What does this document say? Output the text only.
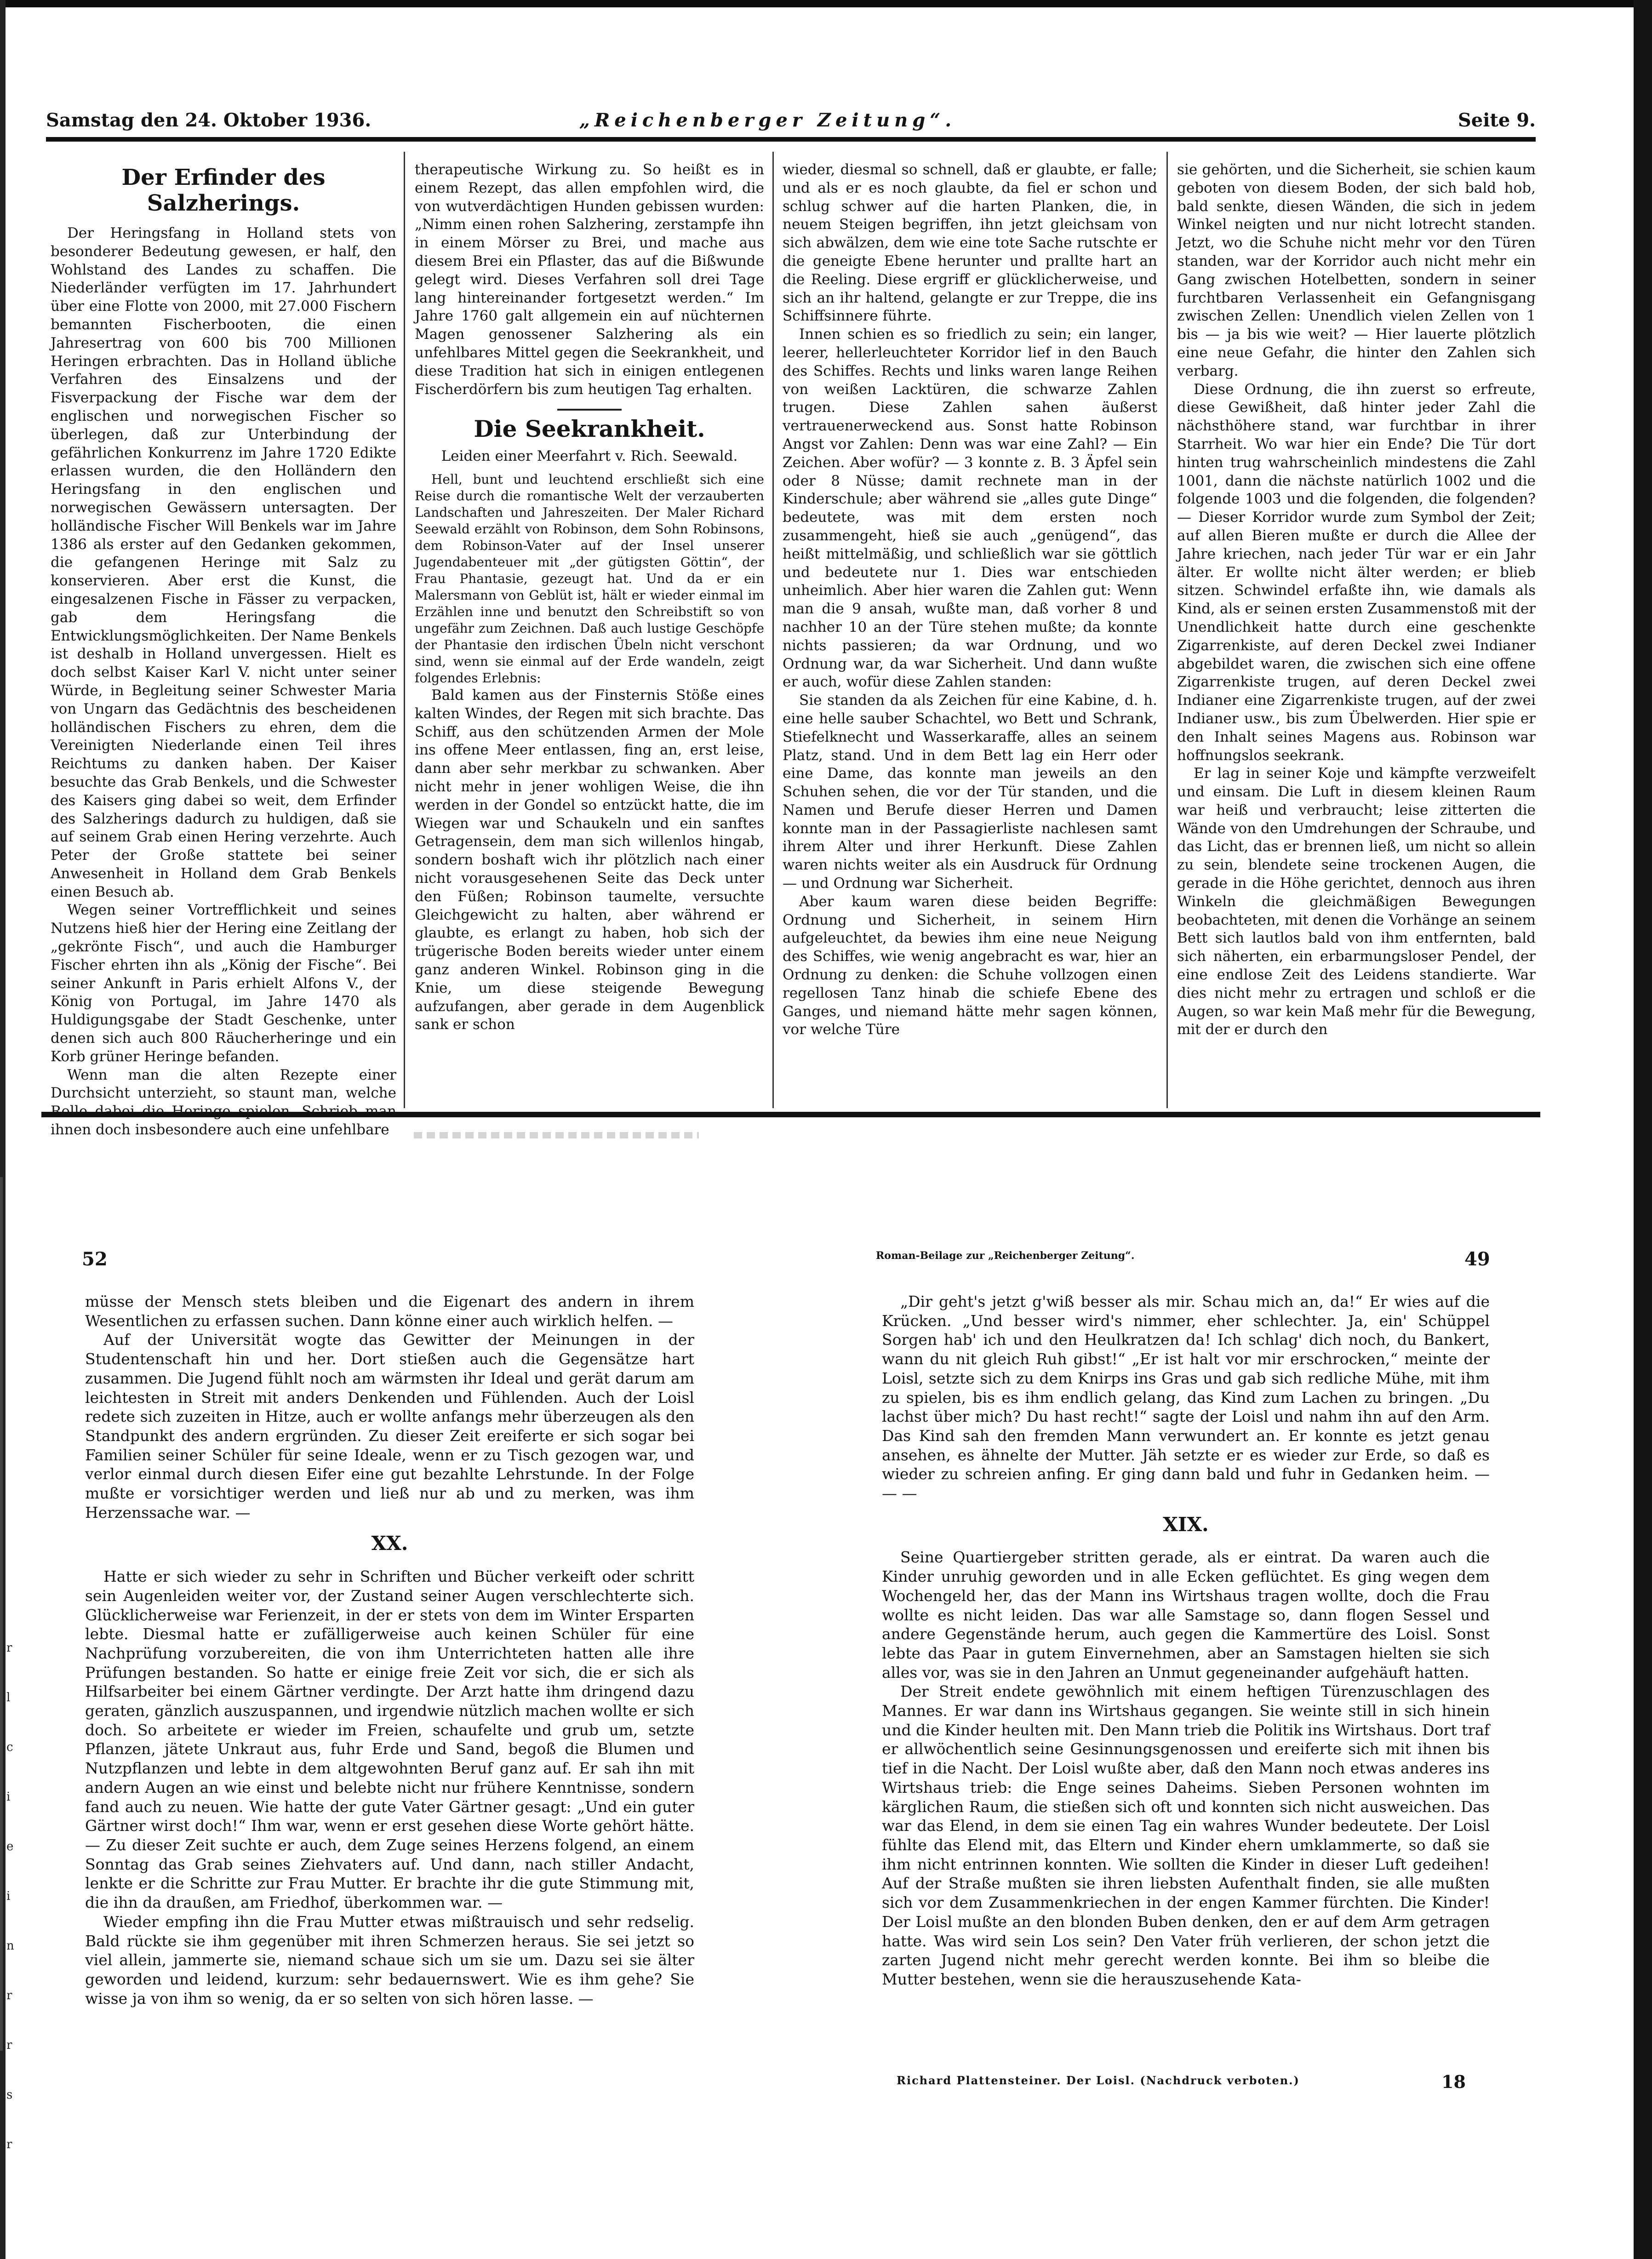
Samstag den 24. Oktober 1936.	„Reichenberger Zeitung“.	Seite 9.
Der Erfinder des Salzherings.

Der Heringsfang in Holland stets von besonderer Bedeutung gewesen, er half, den Wohlstand des Landes zu schaffen. Die Niederländer verfügten im 17. Jahrhundert über eine Flotte von 2000, mit 27.000 Fischern bemannten Fischerbooten, die einen Jahresertrag von 600 bis 700 Millionen Heringen erbrachten. Das in Holland übliche Verfahren des Einsalzens und der Fisverpackung der Fische war dem der englischen und norwegischen Fischer so überlegen, daß zur Unterbindung der gefährlichen Konkurrenz im Jahre 1720 Edikte erlassen wurden, die den Holländern den Heringsfang in den englischen und norwegischen Gewässern untersagten. Der holländische Fischer Will Benkels war im Jahre 1386 als erster auf den Gedanken gekommen, die gefangenen Heringe mit Salz zu konservieren. Aber erst die Kunst, die eingesalzenen Fische in Fässer zu verpacken, gab dem Heringsfang die Entwicklungsmöglichkeiten. Der Name Benkels ist deshalb in Holland unvergessen. Hielt es doch selbst Kaiser Karl V. nicht unter seiner Würde, in Begleitung seiner Schwester Maria von Ungarn das Gedächtnis des bescheidenen holländischen Fischers zu ehren, dem die Vereinigten Niederlande einen Teil ihres Reichtums zu danken haben. Der Kaiser besuchte das Grab Benkels, und die Schwester des Kaisers ging dabei so weit, dem Erfinder des Salzherings dadurch zu huldigen, daß sie auf seinem Grab einen Hering verzehrte. Auch Peter der Große stattete bei seiner Anwesenheit in Holland dem Grab Benkels einen Besuch ab.

Wegen seiner Vortrefflichkeit und seines Nutzens hieß hier der Hering eine Zeitlang der „gekrönte Fisch“, und auch die Hamburger Fischer ehrten ihn als „König der Fische“. Bei seiner Ankunft in Paris erhielt Alfons V., der König von Portugal, im Jahre 1470 als Huldigungsgabe der Stadt Geschenke, unter denen sich auch 800 Räucherheringe und ein Korb grüner Heringe befanden.

Wenn man die alten Rezepte einer Durchsicht unterzieht, so staunt man, welche ihnen doch insbesondere auch eine unfehlbare

therapeutische Wirkung zu. So heißt es in einem Rezept, das allen empfohlen wird, die von wutverdächtigen Hunden gebissen wurden: „Nimm einen rohen Salzhering, zerstampfe ihn in einem Mörser zu Brei, und mache aus diesem Brei ein Pflaster, das auf die Bißwunde gelegt wird. Dieses Verfahren soll drei Tage lang hintereinander fortgesetzt werden.“ Im Jahre 1760 galt allgemein ein auf nüchternen Magen genossener Salzhering als ein unfehlbares Mittel gegen die Seekrankheit, und diese Tradition hat sich in einigen entlegenen Fischerdörfern bis zum heutigen Tag erhalten.

Die Seekrankheit.
Leiden einer Meerfahrt v. Rich. Seewald.

Hell, bunt und leuchtend erschließt sich eine Reise durch die romantische Welt der verzauberten Landschaften und Jahreszeiten. Der Maler Richard Seewald erzählt von Robinson, dem Sohn Robinsons, dem Robinson-Vater auf der Insel unserer Jugendabenteuer mit „der gütigsten Göttin“, der Frau Phantasie, gezeugt hat. Und da er ein Malersmann von Geblüt ist, hält er wieder einmal im Erzählen inne und benutzt den Schreibstift so von ungefähr zum Zeichnen. Daß auch lustige Geschöpfe der Phantasie den irdischen Übeln nicht verschont sind, wenn sie einmal auf der Erde wandeln, zeigt folgendes Erlebnis:

Bald kamen aus der Finsternis Stöße eines kalten Windes, der Regen mit sich brachte. Das Schiff, aus den schützenden Armen der Mole ins offene Meer entlassen, fing an, erst leise, dann aber sehr merkbar zu schwanken. Aber nicht mehr in jener wohligen Weise, die ihn werden in der Gondel so entzückt hatte, die im Wiegen war und Schaukeln und ein sanftes Getragensein, dem man sich willenlos hingab, sondern boshaft wich ihr plötzlich nach einer nicht vorausgesehenen Seite das Deck unter den Füßen; Robinson taumelte, versuchte Gleichgewicht zu halten, aber während er glaubte, es erlangt zu haben, hob sich der trügerische Boden bereits wieder unter einem ganz anderen Winkel. Robinson ging in die Knie, um diese steigende Bewegung aufzufangen, aber gerade in dem Augenblick sank er schon

wieder, diesmal so schnell, daß er glaubte, er falle; und als er es noch glaubte, da fiel er schon und schlug schwer auf die harten Planken, die, in neuem Steigen begriffen, ihn jetzt gleichsam von sich abwälzen, dem wie eine tote Sache rutschte er die geneigte Ebene herunter und prallte hart an die Reeling. Diese ergriff er glücklicherweise, und sich an ihr haltend, gelangte er zur Treppe, die ins Schiffsinnere führte.

Innen schien es so friedlich zu sein; ein langer, leerer, hellerleuchteter Korridor lief in den Bauch des Schiffes. Rechts und links waren lange Reihen von weißen Lacktüren, die schwarze Zahlen trugen. Diese Zahlen sahen äußerst vertrauenerweckend aus. Sonst hatte Robinson Angst vor Zahlen: Denn was war eine Zahl? — Ein Zeichen. Aber wofür? — 3 konnte z. B. 3 Äpfel sein oder 8 Nüsse; damit rechnete man in der Kinderschule; aber während sie „alles gute Dinge“ bedeutete, was mit dem ersten noch zusammengeht, hieß sie auch „genügend“, das heißt mittelmäßig, und schließlich war sie göttlich und bedeutete nur 1. Dies war entschieden unheimlich. Aber hier waren die Zahlen gut: Wenn man die 9 ansah, wußte man, daß vorher 8 und nachher 10 an der Türe stehen mußte; da konnte nichts passieren; da war Ordnung, und wo Ordnung war, da war Sicherheit. Und dann wußte er auch, wofür diese Zahlen standen:

Sie standen da als Zeichen für eine Kabine, d. h. eine helle sauber Schachtel, wo Bett und Schrank, Stiefelknecht und Wasserkaraffe, alles an seinem Platz, stand. Und in dem Bett lag ein Herr oder eine Dame, das konnte man jeweils an den Schuhen sehen, die vor der Tür standen, und die Namen und Berufe dieser Herren und Damen konnte man in der Passagierliste nachlesen samt ihrem Alter und ihrer Herkunft. Diese Zahlen waren nichts weiter als ein Ausdruck für Ordnung — und Ordnung war Sicherheit.

Aber kaum waren diese beiden Begriffe: Ordnung und Sicherheit, in seinem Hirn aufgeleuchtet, da bewies ihm eine neue Neigung des Schiffes, wie wenig angebracht es war, hier an Ordnung zu denken: die Schuhe vollzogen einen regellosen Tanz hinab die schiefe Ebene des Ganges, und niemand hätte mehr sagen können, vor welche Türe

sie gehörten, und die Sicherheit, sie schien kaum geboten von diesem Boden, der sich bald hob, bald senkte, diesen Wänden, die sich in jedem Winkel neigten und nur nicht lotrecht standen. Jetzt, wo die Schuhe nicht mehr vor den Türen standen, war der Korridor auch nicht mehr ein Gang zwischen Hotelbetten, sondern in seiner furchtbaren Verlassenheit ein Gefangnisgang zwischen Zellen: Unendlich vielen Zellen von 1 bis — ja bis wie weit? — Hier lauerte plötzlich eine neue Gefahr, die hinter den Zahlen sich verbarg.

Diese Ordnung, die ihn zuerst so erfreute, diese Gewißheit, daß hinter jeder Zahl die nächsthöhere stand, war furchtbar in ihrer Starrheit. Wo war hier ein Ende? Die Tür dort hinten trug wahrscheinlich mindestens die Zahl 1001, dann die nächste natürlich 1002 und die folgende 1003 und die folgenden, die folgenden? — Dieser Korridor wurde zum Symbol der Zeit; auf allen Bieren mußte er durch die Allee der Jahre kriechen, nach jeder Tür war er ein Jahr älter. Er wollte nicht älter werden; er blieb sitzen. Schwindel erfaßte ihn, wie damals als Kind, als er seinen ersten Zusammenstoß mit der Unendlichkeit hatte durch eine geschenkte Zigarrenkiste, auf deren Deckel zwei Indianer abgebildet waren, die zwischen sich eine offene Zigarrenkiste trugen, auf deren Deckel zwei Indianer eine Zigarrenkiste trugen, auf der zwei Indianer usw., bis zum Übelwerden. Hier spie er den Inhalt seines Magens aus. Robinson war hoffnungslos seekrank.

Er lag in seiner Koje und kämpfte verzweifelt und einsam. Die Luft in diesem kleinen Raum war heiß und verbraucht; leise zitterten die Wände von den Umdrehungen der Schraube, und das Licht, das er brennen ließ, um nicht so allein zu sein, blendete seine trockenen Augen, die gerade in die Höhe gerichtet, dennoch aus ihren Winkeln die gleichmäßigen Bewegungen beobachteten, mit denen die Vorhänge an seinem Bett sich lautlos bald von ihm entfernten, bald sich näherten, ein erbarmungsloser Pendel, der eine endlose Zeit des Leidens standierte. War dies nicht mehr zu ertragen und schloß er die Augen, so war kein Maß mehr für die Bewegung, mit der er durch den

52	Roman-Beilage zur „Reichenberger Zeitung“.	49
r
l
c
i
e
i
n
r
r
s
r

müsse der Mensch stets bleiben und die Eigenart des andern in ihrem Wesentlichen zu erfassen suchen. Dann könne einer auch wirklich helfen. —

Auf der Universität wogte das Gewitter der Meinungen in der Studentenschaft hin und her. Dort stießen auch die Gegensätze hart zusammen. Die Jugend fühlt noch am wärmsten ihr Ideal und gerät darum am leichtesten in Streit mit anders Denkenden und Fühlenden. Auch der Loisl redete sich zuzeiten in Hitze, auch er wollte anfangs mehr überzeugen als den Standpunkt des andern ergründen. Zu dieser Zeit ereiferte er sich sogar bei Familien seiner Schüler für seine Ideale, wenn er zu Tisch gezogen war, und verlor einmal durch diesen Eifer eine gut bezahlte Lehrstunde. In der Folge mußte er vorsichtiger werden und ließ nur ab und zu merken, was ihm Herzenssache war. —

XX.

Hatte er sich wieder zu sehr in Schriften und Bücher verkeift oder schritt sein Augenleiden weiter vor, der Zustand seiner Augen verschlechterte sich. Glücklicherweise war Ferienzeit, in der er stets von dem im Winter Ersparten lebte. Diesmal hatte er zufälligerweise auch keinen Schüler für eine Nachprüfung vorzubereiten, die von ihm Unterrichteten hatten alle ihre Prüfungen bestanden. So hatte er einige freie Zeit vor sich, die er sich als Hilfsarbeiter bei einem Gärtner verdingte. Der Arzt hatte ihm dringend dazu geraten, gänzlich auszuspannen, und irgendwie nützlich machen wollte er sich doch. So arbeitete er wieder im Freien, schaufelte und grub um, setzte Pflanzen, jätete Unkraut aus, fuhr Erde und Sand, begoß die Blumen und Nutzpflanzen und lebte in dem altgewohnten Beruf ganz auf. Er sah ihn mit andern Augen an wie einst und belebte nicht nur frühere Kenntnisse, sondern fand auch zu neuen. Wie hatte der gute Vater Gärtner gesagt: „Und ein guter Gärtner wirst doch!“ Ihm war, wenn er erst gesehen diese Worte gehört hätte. — Zu dieser Zeit suchte er auch, dem Zuge seines Herzens folgend, an einem Sonntag das Grab seines Ziehvaters auf. Und dann, nach stiller Andacht, lenkte er die Schritte zur Frau Mutter. Er brachte ihr die gute Stimmung mit, die ihn da draußen, am Friedhof, überkommen war. —

Wieder empfing ihn die Frau Mutter etwas mißtrauisch und sehr redselig. Bald rückte sie ihm gegenüber mit ihren Schmerzen heraus. Sie sei jetzt so viel allein, jammerte sie, niemand schaue sich um sie um. Dazu sei sie älter geworden und leidend, kurzum: sehr bedauernswert. Wie es ihm gehe? Sie wisse ja von ihm so wenig, da er so selten von sich hören lasse. —

„Dir geht's jetzt g'wiß besser als mir. Schau mich an, da!“ Er wies auf die Krücken. „Und besser wird's nimmer, eher schlechter. Ja, ein' Schüppel Sorgen hab' ich und den Heulkratzen da! Ich schlag' dich noch, du Bankert, wann du nit gleich Ruh gibst!“ „Er ist halt vor mir erschrocken,“ meinte der Loisl, setzte sich zu dem Knirps ins Gras und gab sich redliche Mühe, mit ihm zu spielen, bis es ihm endlich gelang, das Kind zum Lachen zu bringen. „Du lachst über mich? Du hast recht!“ sagte der Loisl und nahm ihn auf den Arm. Das Kind sah den fremden Mann verwundert an. Er konnte es jetzt genau ansehen, es ähnelte der Mutter. Jäh setzte er es wieder zur Erde, so daß es wieder zu schreien anfing. Er ging dann bald und fuhr in Gedanken heim. — — —

XIX.

Seine Quartiergeber stritten gerade, als er eintrat. Da waren auch die Kinder unruhig geworden und in alle Ecken geflüchtet. Es ging wegen dem Wochengeld her, das der Mann ins Wirtshaus tragen wollte, doch die Frau wollte es nicht leiden. Das war alle Samstage so, dann flogen Sessel und andere Gegenstände herum, auch gegen die Kammertüre des Loisl. Sonst lebte das Paar in gutem Einvernehmen, aber an Samstagen hielten sie sich alles vor, was sie in den Jahren an Unmut gegeneinander aufgehäuft hatten.

Der Streit endete gewöhnlich mit einem heftigen Türenzuschlagen des Mannes. Er war dann ins Wirtshaus gegangen. Sie weinte still in sich hinein und die Kinder heulten mit. Den Mann trieb die Politik ins Wirtshaus. Dort traf er allwöchentlich seine Gesinnungsgenossen und ereiferte sich mit ihnen bis tief in die Nacht. Der Loisl wußte aber, daß den Mann noch etwas anderes ins Wirtshaus trieb: die Enge seines Daheims. Sieben Personen wohnten im kärglichen Raum, die stießen sich oft und konnten sich nicht ausweichen. Das war das Elend, in dem sie einen Tag ein wahres Wunder bedeutete. Der Loisl fühlte das Elend mit, das Eltern und Kinder ehern umklammerte, so daß sie ihm nicht entrinnen konnten. Wie sollten die Kinder in dieser Luft gedeihen! Auf der Straße mußten sie ihren liebsten Aufenthalt finden, sie alle mußten sich vor dem Zusammenkriechen in der engen Kammer fürchten. Die Kinder! Der Loisl mußte an den blonden Buben denken, den er auf dem Arm getragen hatte. Was wird sein Los sein? Den Vater früh verlieren, der schon jetzt die zarten Jugend nicht mehr gerecht werden konnte. Bei ihm so bleibe die Mutter bestehen, wenn sie die herauszusehende Kata-

Richard Plattensteiner. Der Loisl. (Nachdruck verboten.)	18
